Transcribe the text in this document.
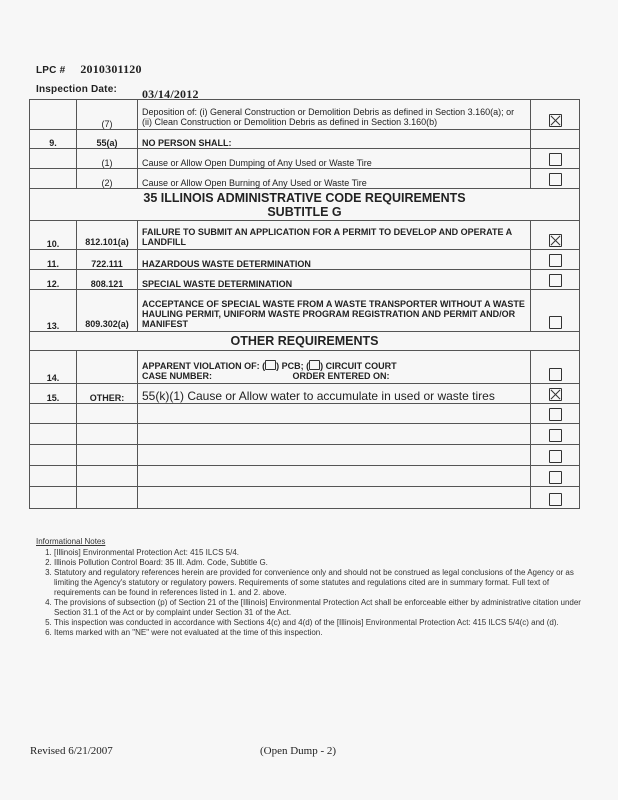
LPC # 2010301120
Inspection Date: 03/14/2012
	(7)	Deposition of: (i) General Construction or Demolition Debris as defined in Section 3.160(a); or (ii) Clean Construction or Demolition Debris as defined in Section 3.160(b)	
9.	55(a)	NO PERSON SHALL:	
	(1)	Cause or Allow Open Dumping of Any Used or Waste Tire	
	(2)	Cause or Allow Open Burning of Any Used or Waste Tire	

35 ILLINOIS ADMINISTRATIVE CODE REQUIREMENTS
SUBTITLE G			

10.	812.101(a)	FAILURE TO SUBMIT AN APPLICATION FOR A PERMIT TO DEVELOP AND OPERATE A LANDFILL	
11.	722.111	HAZARDOUS WASTE DETERMINATION	
12.	808.121	SPECIAL WASTE DETERMINATION	
13.	809.302(a)	ACCEPTANCE OF SPECIAL WASTE FROM A WASTE TRANSPORTER WITHOUT A WASTE HAULING PERMIT, UNIFORM WASTE PROGRAM REGISTRATION AND PERMIT AND/OR MANIFEST	
OTHER REQUIREMENTS			
14.		APPARENT VIOLATION OF: ( ) PCB; ( ) CIRCUIT COURT
CASE NUMBER: ORDER ENTERED ON:	

15.	OTHER:	55(k)(1) Cause or Allow water to accumulate in used or waste tires	

Informational Notes
1. [Illinois] Environmental Protection Act: 415 ILCS 5/4.
2. Illinois Pollution Control Board: 35 Ill. Adm. Code, Subtitle G.
3. Statutory and regulatory references herein are provided for convenience only and should not be construed as legal conclusions of the Agency or as limiting the Agency's statutory or regulatory powers. Requirements of some statutes and regulations cited are in summary format. Full text of requirements can be found in references listed in 1. and 2. above.
4. The provisions of subsection (p) of Section 21 of the [Illinois] Environmental Protection Act shall be enforceable either by administrative citation under Section 31.1 of the Act or by complaint under Section 31 of the Act.
5. This inspection was conducted in accordance with Sections 4(c) and 4(d) of the [Illinois] Environmental Protection Act: 415 ILCS 5/4(c) and (d).
6. Items marked with an "NE" were not evaluated at the time of this inspection.
Revised 6/21/2007	(Open Dump - 2)
